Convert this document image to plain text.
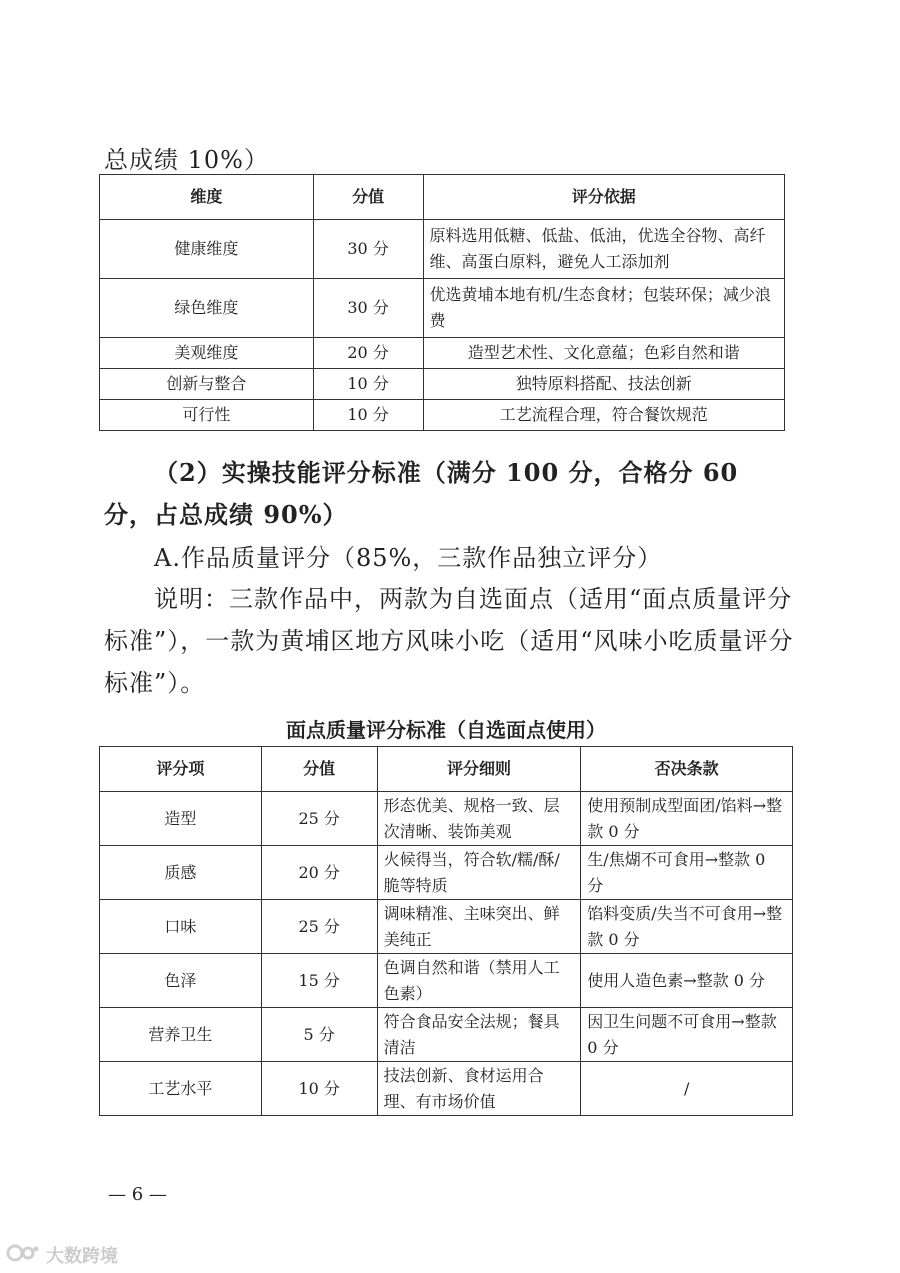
总成绩 10%）
维度	分值	评分依据
健康维度	30 分	原料选用低糖、低盐、低油，优选全谷物、高纤维、高蛋白原料，避免人工添加剂
绿色维度	30 分	优选黄埔本地有机/生态食材；包装环保；减少浪费
美观维度	20 分	造型艺术性、文化意蕴；色彩自然和谐
创新与整合	10 分	独特原料搭配、技法创新
可行性	10 分	工艺流程合理，符合餐饮规范
（2）实操技能评分标准（满分 100 分，合格分 60 分，占总成绩 90%）
A.作品质量评分（85%，三款作品独立评分）
说明：三款作品中，两款为自选面点（适用“面点质量评分标准”），一款为黄埔区地方风味小吃（适用“风味小吃质量评分标准”）。
面点质量评分标准（自选面点使用）
评分项	分值	评分细则	否决条款
造型	25 分	形态优美、规格一致、层次清晰、装饰美观	使用预制成型面团/馅料→整款 0 分
质感	20 分	火候得当，符合软/糯/酥/脆等特质	生/焦煳不可食用→整款 0 分
口味	25 分	调味精准、主味突出、鲜美纯正	馅料变质/失当不可食用→整款 0 分
色泽	15 分	色调自然和谐（禁用人工色素）	使用人造色素→整款 0 分
营养卫生	5 分	符合食品安全法规；餐具清洁	因卫生问题不可食用→整款 0 分
工艺水平	10 分	技法创新、食材运用合理、有市场价值	/
— 6 —
大数跨境
